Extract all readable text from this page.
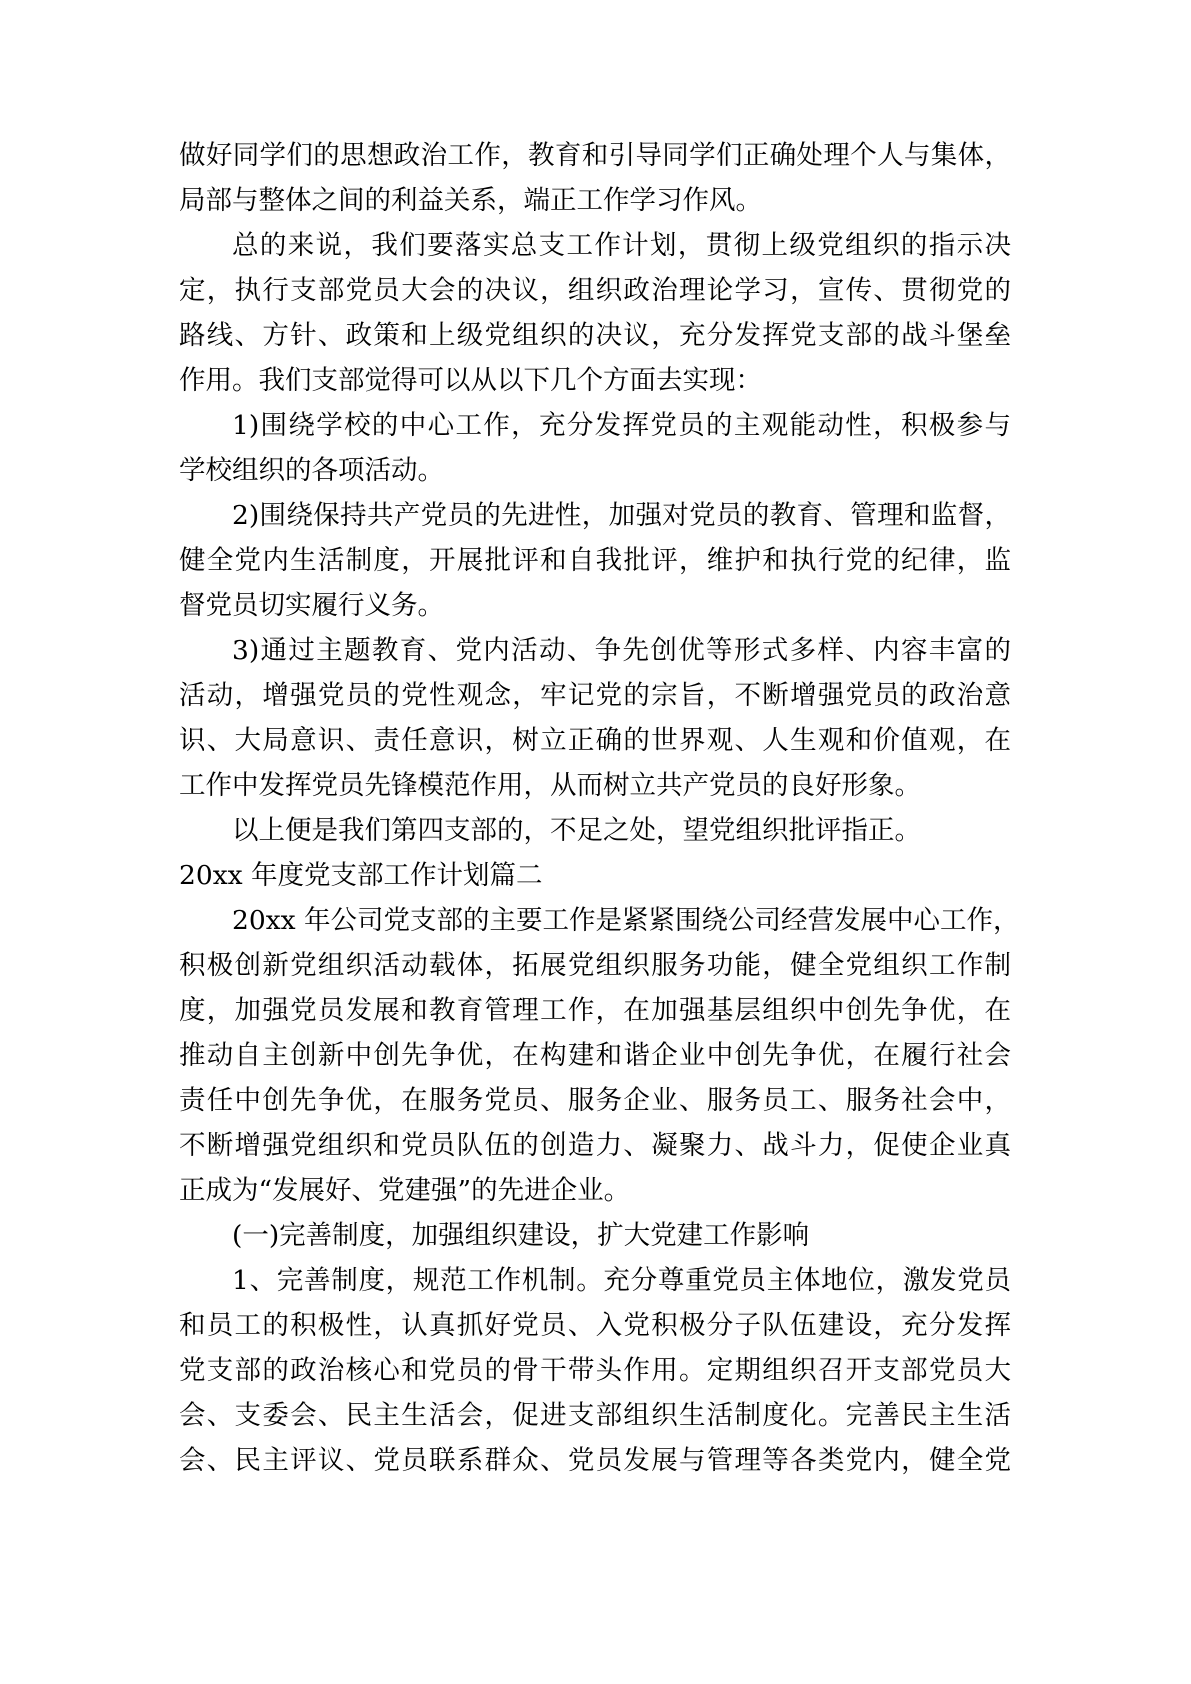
做好同学们的思想政治工作，教育和引导同学们正确处理个人与集体，
局部与整体之间的利益关系，端正工作学习作风。
总的来说，我们要落实总支工作计划，贯彻上级党组织的指示决
定，执行支部党员大会的决议，组织政治理论学习，宣传、贯彻党的
路线、方针、政策和上级党组织的决议，充分发挥党支部的战斗堡垒
作用。我们支部觉得可以从以下几个方面去实现：
1)围绕学校的中心工作，充分发挥党员的主观能动性，积极参与
学校组织的各项活动。
2)围绕保持共产党员的先进性，加强对党员的教育、管理和监督，
健全党内生活制度，开展批评和自我批评，维护和执行党的纪律，监
督党员切实履行义务。
3)通过主题教育、党内活动、争先创优等形式多样、内容丰富的
活动，增强党员的党性观念，牢记党的宗旨，不断增强党员的政治意
识、大局意识、责任意识，树立正确的世界观、人生观和价值观，在
工作中发挥党员先锋模范作用，从而树立共产党员的良好形象。
以上便是我们第四支部的，不足之处，望党组织批评指正。
20xx 年度党支部工作计划篇二
20xx 年公司党支部的主要工作是紧紧围绕公司经营发展中心工作，
积极创新党组织活动载体，拓展党组织服务功能，健全党组织工作制
度，加强党员发展和教育管理工作，在加强基层组织中创先争优，在
推动自主创新中创先争优，在构建和谐企业中创先争优，在履行社会
责任中创先争优，在服务党员、服务企业、服务员工、服务社会中，
不断增强党组织和党员队伍的创造力、凝聚力、战斗力，促使企业真
正成为“发展好、党建强”的先进企业。
(一)完善制度，加强组织建设，扩大党建工作影响
1、完善制度，规范工作机制。充分尊重党员主体地位，激发党员
和员工的积极性，认真抓好党员、入党积极分子队伍建设，充分发挥
党支部的政治核心和党员的骨干带头作用。定期组织召开支部党员大
会、支委会、民主生活会，促进支部组织生活制度化。完善民主生活
会、民主评议、党员联系群众、党员发展与管理等各类党内，健全党
